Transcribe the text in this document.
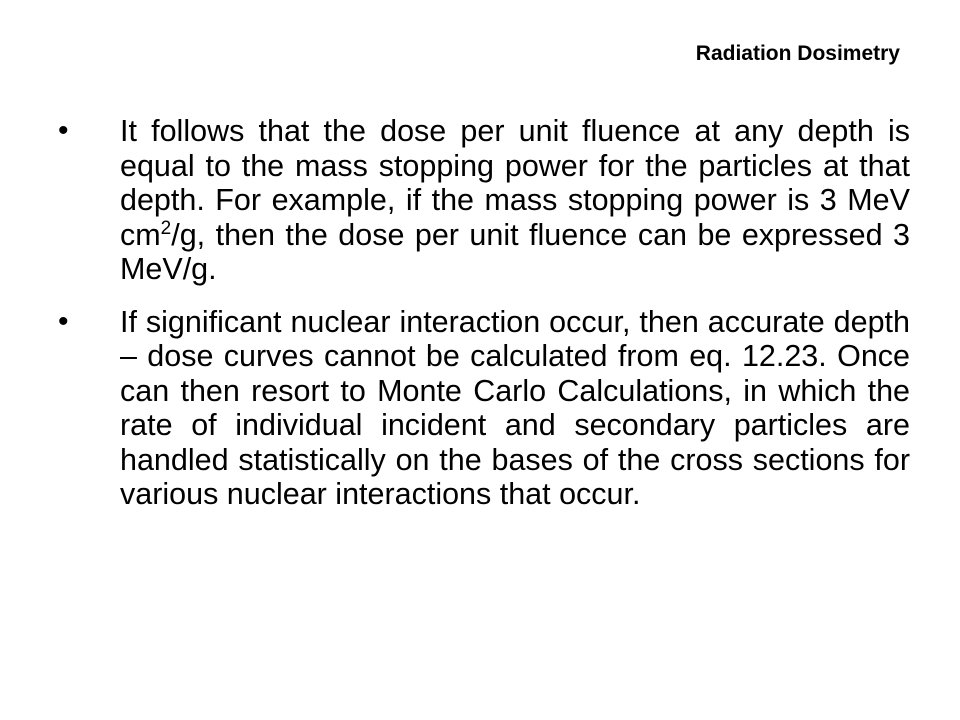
Radiation Dosimetry
• It follows that the dose per unit fluence at any depth is equal to the mass stopping power for the particles at that depth. For example, if the mass stopping power is 3 MeV $cm^2/g$, then the dose per unit fluence can be expressed 3 MeV/g.
• If significant nuclear interaction occur, then accurate depth – dose curves cannot be calculated from eq. 12.23. Once can then resort to Monte Carlo Calculations, in which the rate of individual incident and secondary particles are handled statistically on the bases of the cross sections for various nuclear interactions that occur.
